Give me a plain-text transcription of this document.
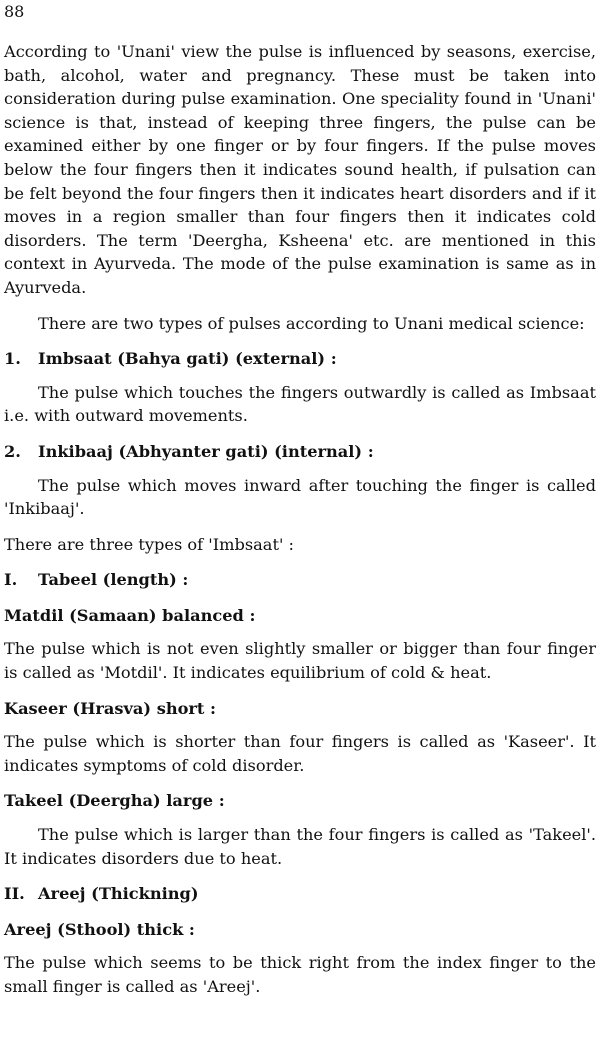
88

According to 'Unani' view the pulse is influenced by seasons, exercise, bath, alcohol, water and pregnancy. These must be taken into consideration during pulse examination. One speciality found in 'Unani' science is that, instead of keeping three fingers, the pulse can be examined either by one finger or by four fingers. If the pulse moves below the four fingers then it indicates sound health, if pulsation can be felt beyond the four fingers then it indicates heart disorders and if it moves in a region smaller than four fingers then it indicates cold disorders. The term 'Deergha, Ksheena' etc. are mentioned in this context in Ayurveda. The mode of the pulse examination is same as in Ayurveda.

There are two types of pulses according to Unani medical science:

1. Imbsaat (Bahya gati) (external) :

The pulse which touches the fingers outwardly is called as Imbsaat i.e. with outward movements.

2. Inkibaaj (Abhyanter gati) (internal) :

The pulse which moves inward after touching the finger is called 'Inkibaaj'.

There are three types of 'Imbsaat' :

I. Tabeel (length) :
Matdil (Samaan) balanced :

The pulse which is not even slightly smaller or bigger than four finger is called as 'Motdil'. It indicates equilibrium of cold & heat.

Kaseer (Hrasva) short :

The pulse which is shorter than four fingers is called as 'Kaseer'. It indicates symptoms of cold disorder.

Takeel (Deergha) large :

The pulse which is larger than the four fingers is called as 'Takeel'. It indicates disorders due to heat.

II. Areej (Thickning)
Areej (Sthool) thick :

The pulse which seems to be thick right from the index finger to the small finger is called as 'Areej'.
